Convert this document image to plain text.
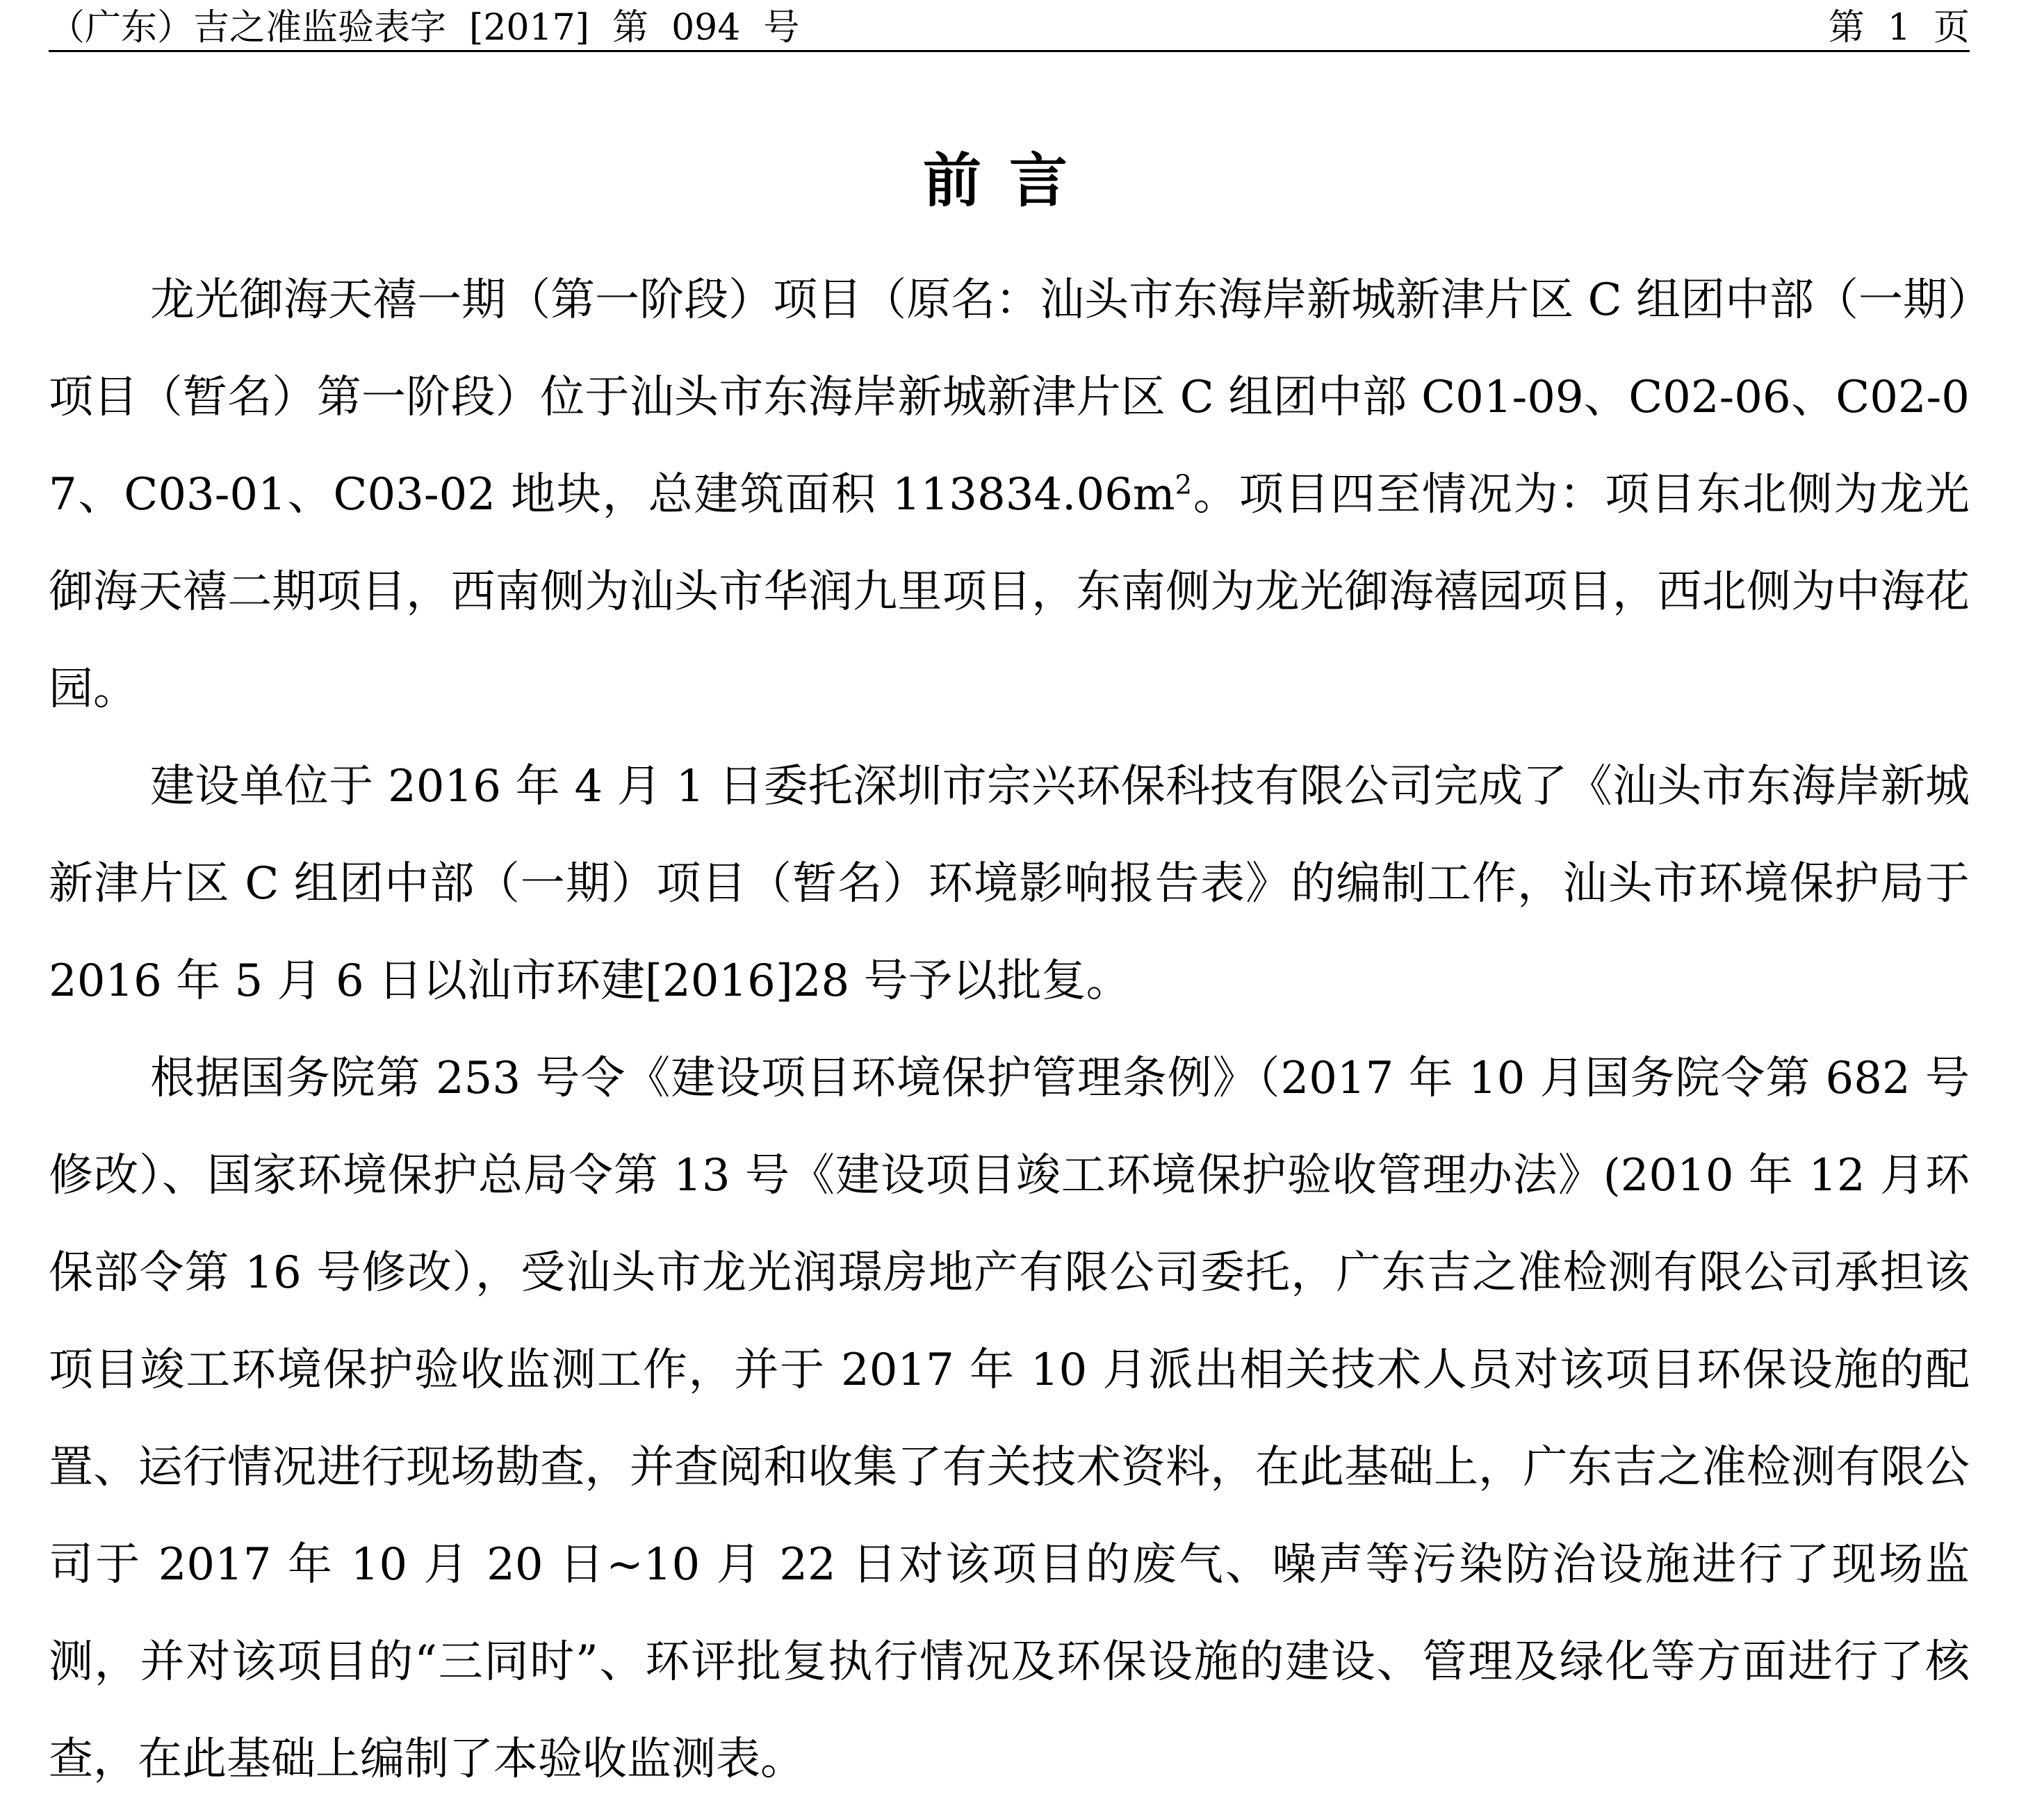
（广东）吉之准监验表字  [2017]  第  094  号	第  1  页
前言

龙光御海天禧一期（第一阶段）项目（原名：汕头市东海岸新城新津片区 C 组团中部（一期）项目（暂名）第一阶段）位于汕头市东海岸新城新津片区 C 组团中部 C01-09、C02-06、C02-07、C03-01、C03-02 地块，总建筑面积 $113834.06m^2$。项目四至情况为：项目东北侧为龙光御海天禧二期项目，西南侧为汕头市华润九里项目，东南侧为龙光御海禧园项目，西北侧为中海花园。

建设单位于 2016 年 4 月 1 日委托深圳市宗兴环保科技有限公司完成了《汕头市东海岸新城新津片区 C 组团中部（一期）项目（暂名）环境影响报告表》的编制工作，汕头市环境保护局于 2016 年 5 月 6 日以汕市环建[2016]28 号予以批复。

根据国务院第 253 号令《建设项目环境保护管理条例》（2017 年 10 月国务院令第 682 号修改）、国家环境保护总局令第 13 号《建设项目竣工环境保护验收管理办法》(2010 年 12 月环保部令第 16 号修改），受汕头市龙光润璟房地产有限公司委托，广东吉之准检测有限公司承担该项目竣工环境保护验收监测工作，并于 2017 年 10 月派出相关技术人员对该项目环保设施的配置、运行情况进行现场勘查，并查阅和收集了有关技术资料，在此基础上，广东吉之准检测有限公司于 2017 年 10 月 20 日~10 月 22 日对该项目的废气、噪声等污染防治设施进行了现场监测，并对该项目的“三同时”、环评批复执行情况及环保设施的建设、管理及绿化等方面进行了核查，在此基础上编制了本验收监测表。
